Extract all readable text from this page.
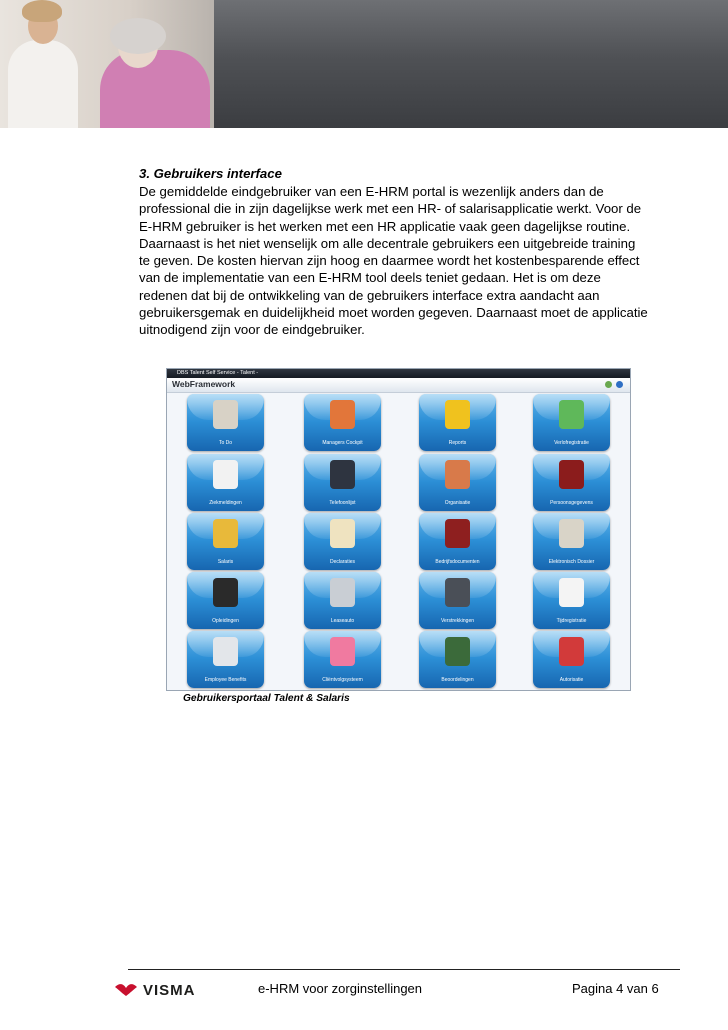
3. Gebruikers interface
De gemiddelde eindgebruiker van een E-HRM portal is wezenlijk anders dan de
professional die in zijn dagelijkse werk met een HR- of salarisapplicatie werkt. Voor de
E-HRM gebruiker is het werken met een HR applicatie vaak geen dagelijkse routine.
Daarnaast is het niet wenselijk om alle decentrale gebruikers een uitgebreide training
te geven. De kosten hiervan zijn hoog en daarmee wordt het kostenbesparende effect
van de implementatie van een E-HRM tool deels teniet gedaan. Het is om deze
redenen dat bij de ontwikkeling van de gebruikers interface extra aandacht aan
gebruikersgemak en duidelijkheid moet worden gegeven. Daarnaast moet de applicatie
uitnodigend zijn voor de eindgebruiker.
DBS Talent Self Service - Talent -
WebFramework
To Do	Managers Cockpit	Reports	Verlofregistratie
Ziekmeldingen	Telefoonlijst	Organisatie	Persoonsgegevens
Salaris	Declaraties	Bedrijfsdocumenten	Elektronisch Dossier
Opleidingen	Leaseauto	Verstrekkingen	Tijdregistratie
Employee Benefits	Cliëntvolgsysteem	Beoordelingen	Autorisatie
Gebruikersportaal Talent & Salaris
VISMA	e-HRM voor zorginstellingen	Pagina 4 van 6
